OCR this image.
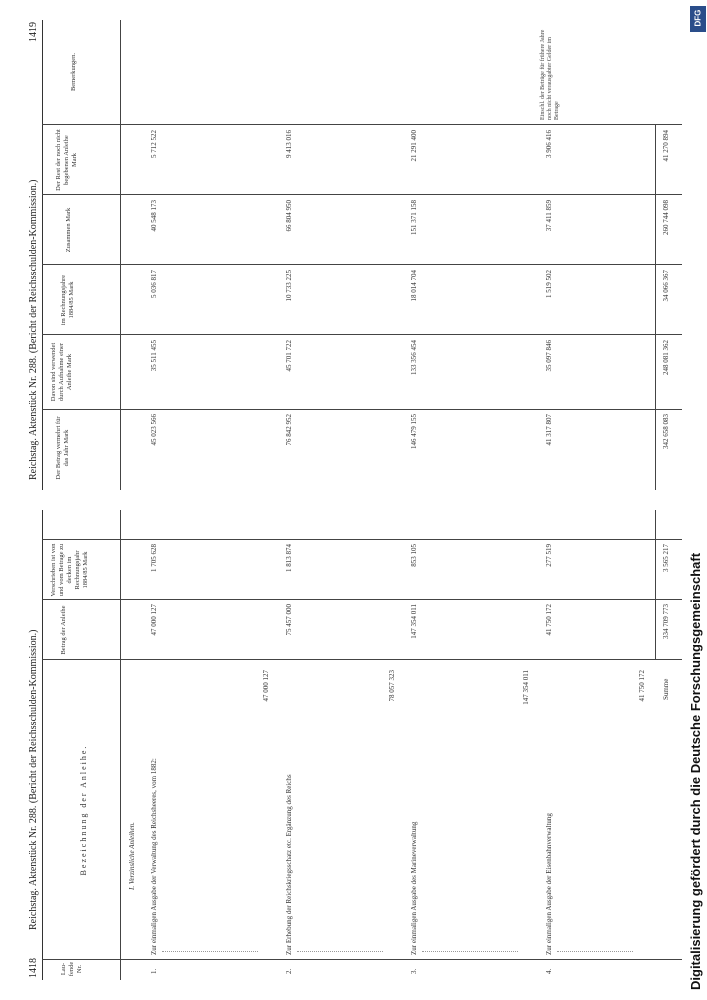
1418
Reichstag. Aktenstück Nr. 288. (Bericht der Reichsschulden-Kommission.)
Lau-fende Nr.
Bezeichnung der Anleihe.
Betrag der Anleihe
Verschrieben ist von und vom Betrage zu decken im Rechnungsjahr 1884/85 Mark
I. Verzinsliche Anleihen.
1.
Zur einmaligen Ausgabe der Verwaltung des Reichsheeres, vom 1882:
47 000 127
1 705 628
47 000 127
2.
Zur Erhebung der Reichskriegsschatz etc. Ergänzung des Reichs
75 457 000
1 813 874
78 057 323
3.
Zur einmaligen Ausgabe des Marineverwaltung
147 354 011
853 105
147 354 011
4.
Zur einmaligen Ausgabe der Eisenbahnverwaltung
41 750 172
277 519
41 750 172 Summe
334 709 773
3 565 217
Reichstag. Aktenstück Nr. 288. (Bericht der Reichsschulden-Kommission.)
1419
Der Betrag vermehrt für das Jahr Mark
Davon sind verwendet durch Aufnahme einer Anleihe Mark
im Rechnungsjahre 1884/85 Mark
Zusammen Mark
Der Rest der noch nicht begebenen Anleihe Mark
Bemerkungen.
45 023 566
35 511 455
5 036 817
40 548 173
5 712 522
76 842 952
45 701 722
10 733 225
66 804 950
9 413 016
146 479 155
133 356 454
18 014 704
151 371 158
21 291 400
41 317 807
35 097 846
1 519 502
37 411 859
3 906 416
Einschl. der Beträge für frühere Jahre noch nicht verausgabter Gelder im Betrage
342 658 083
248 081 362
34 066 367
260 744 098
41 270 894
Digitalisierung gefördert durch die Deutsche Forschungsgemeinschaft
DFG
